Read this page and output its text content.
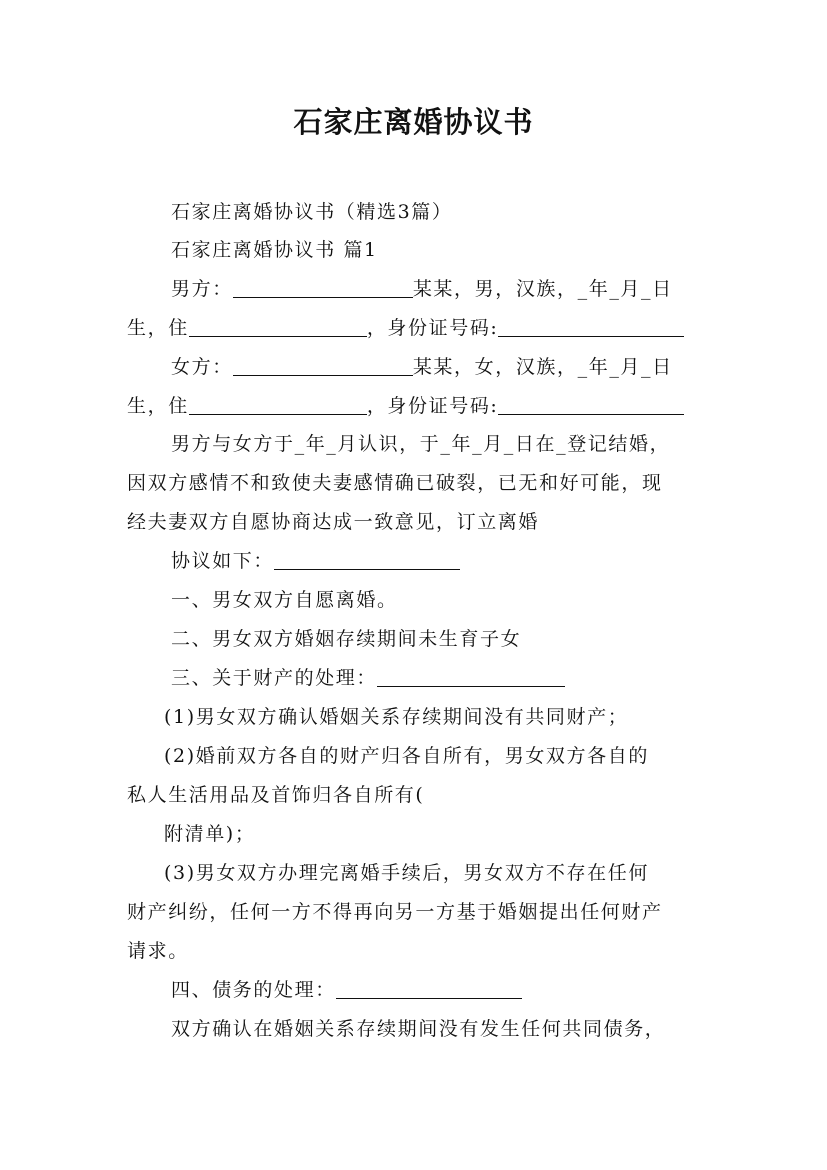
石家庄离婚协议书
石家庄离婚协议书（精选3篇）
石家庄离婚协议书 篇1
男方：	某某，男，汉族，_年_月_日
生，住	，身份证号码:
女方：	某某，女，汉族，_年_月_日
生，住	，身份证号码:
男方与女方于_年_月认识，于_年_月_日在_登记结婚，
因双方感情不和致使夫妻感情确已破裂，已无和好可能，现
经夫妻双方自愿协商达成一致意见，订立离婚
协议如下：
一、男女双方自愿离婚。
二、男女双方婚姻存续期间未生育子女
三、关于财产的处理：
(1)男女双方确认婚姻关系存续期间没有共同财产；
(2)婚前双方各自的财产归各自所有，男女双方各自的
私人生活用品及首饰归各自所有(
附清单)；
(3)男女双方办理完离婚手续后，男女双方不存在任何
财产纠纷，任何一方不得再向另一方基于婚姻提出任何财产
请求。
四、债务的处理：
双方确认在婚姻关系存续期间没有发生任何共同债务，
